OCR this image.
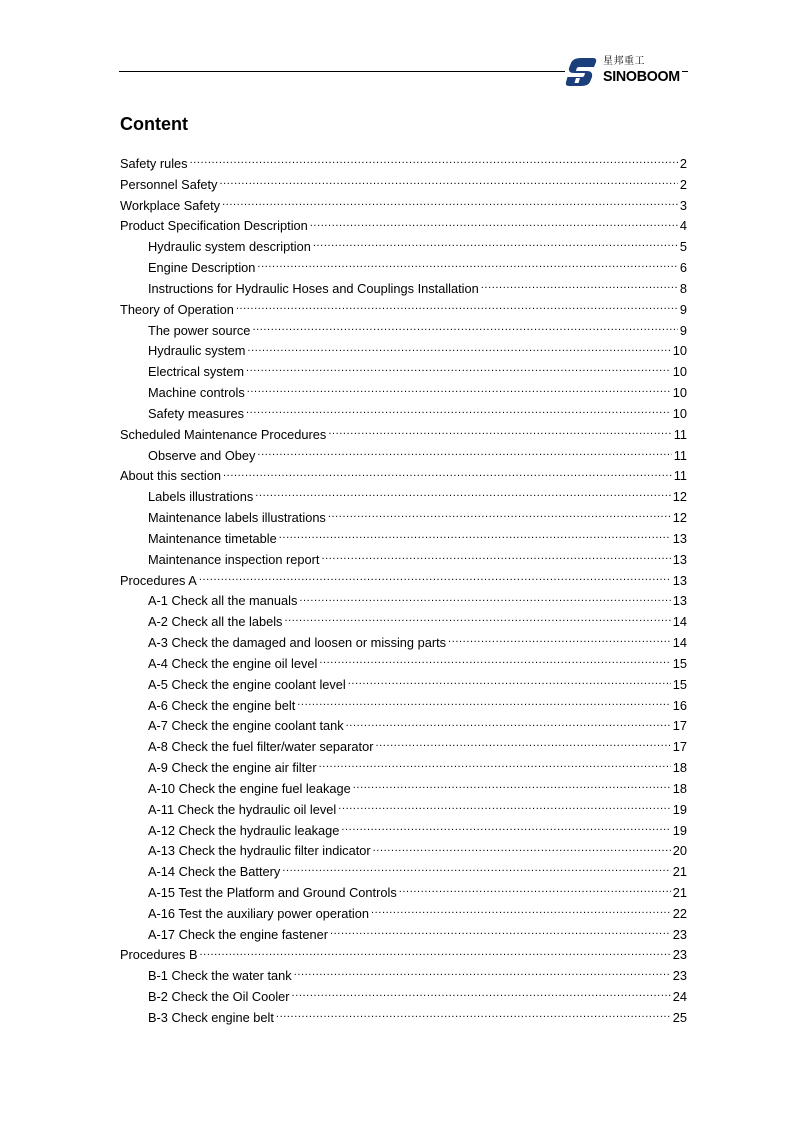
星邦重工
SINOBOOM
Content
Safety rules .....	2
Personnel Safety .....	2
Workplace Safety .....	3
Product Specification Description .....	4
Hydraulic system description .....	5
Engine Description .....	6
Instructions for Hydraulic Hoses and Couplings Installation .....	8
Theory of Operation .....	9
The power source .....	9
Hydraulic system .....	10
Electrical system .....	10
Machine controls .....	10
Safety measures .....	10
Scheduled Maintenance Procedures .....	11
Observe and Obey .....	11
About this section .....	11
Labels illustrations .....	12
Maintenance labels illustrations .....	12
Maintenance timetable .....	13
Maintenance inspection report .....	13
Procedures A .....	13
A-1 Check all the manuals .....	13
A-2 Check all the labels .....	14
A-3 Check the damaged and loosen or missing parts .....	14
A-4 Check the engine oil level .....	15
A-5 Check the engine coolant level .....	15
A-6 Check the engine belt .....	16
A-7 Check the engine coolant tank .....	17
A-8 Check the fuel filter/water separator .....	17
A-9 Check the engine air filter .....	18
A-10 Check the engine fuel leakage .....	18
A-11 Check the hydraulic oil level .....	19
A-12 Check the hydraulic leakage .....	19
A-13 Check the hydraulic filter indicator .....	20
A-14 Check the Battery .....	21
A-15 Test the Platform and Ground Controls .....	21
A-16 Test the auxiliary power operation .....	22
A-17 Check the engine fastener .....	23
Procedures B .....	23
B-1 Check the water tank .....	23
B-2 Check the Oil Cooler .....	24
B-3 Check engine belt .....	25
